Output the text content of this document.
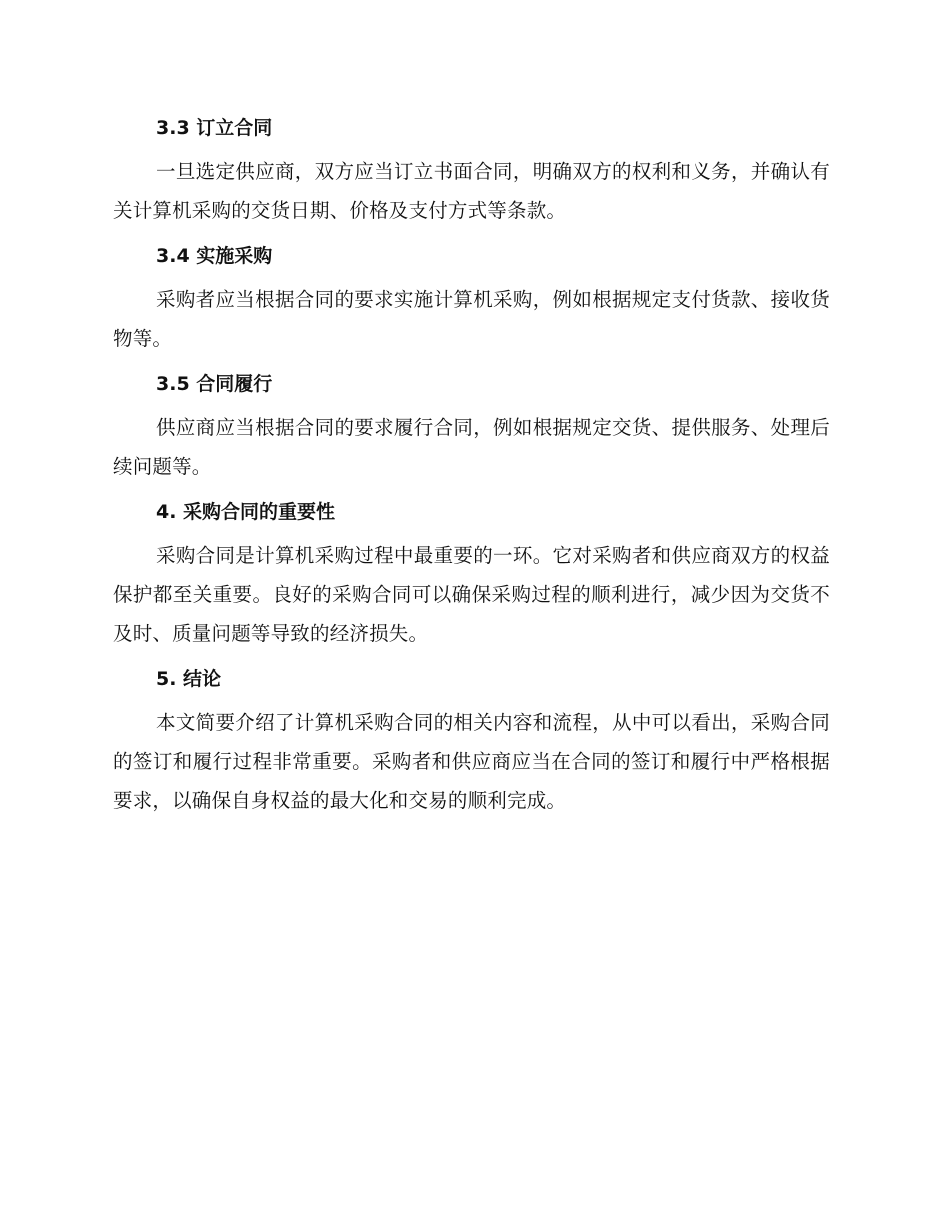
3.3 订立合同

一旦选定供应商，双方应当订立书面合同，明确双方的权利和义务，并确认有关计算机采购的交货日期、价格及支付方式等条款。

3.4 实施采购

采购者应当根据合同的要求实施计算机采购，例如根据规定支付货款、接收货物等。

3.5 合同履行

供应商应当根据合同的要求履行合同，例如根据规定交货、提供服务、处理后续问题等。

4. 采购合同的重要性

采购合同是计算机采购过程中最重要的一环。它对采购者和供应商双方的权益保护都至关重要。良好的采购合同可以确保采购过程的顺利进行，减少因为交货不及时、质量问题等导致的经济损失。

5. 结论

本文简要介绍了计算机采购合同的相关内容和流程，从中可以看出，采购合同的签订和履行过程非常重要。采购者和供应商应当在合同的签订和履行中严格根据要求，以确保自身权益的最大化和交易的顺利完成。
